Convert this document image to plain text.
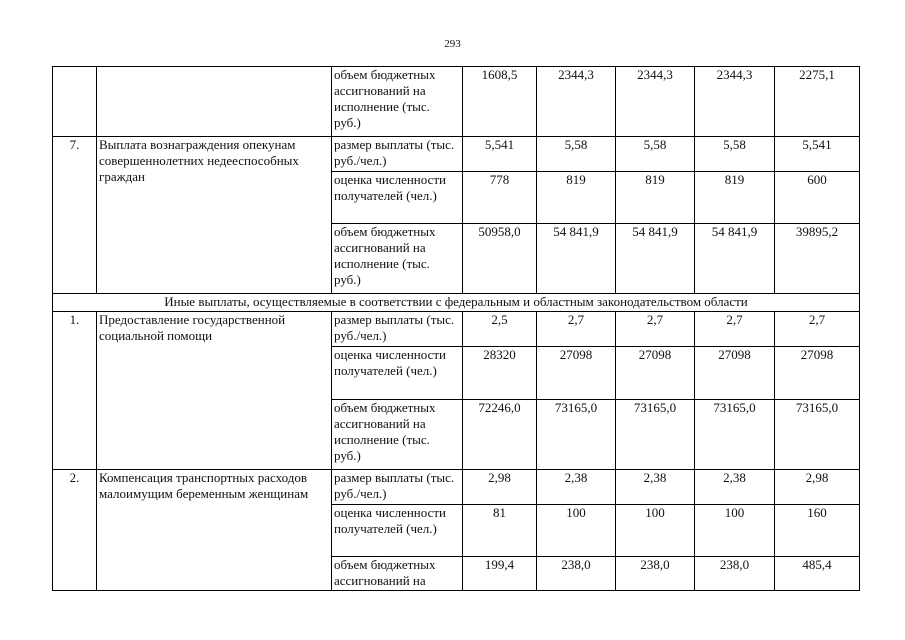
293
		объем бюджетных ассигнований на исполнение (тыс. руб.)	1608,5	2344,3	2344,3	2344,3	2275,1
7.	Выплата вознаграждения опекунам совершеннолетних недееспособных граждан	размер выплаты (тыс. руб./чел.)	5,541	5,58	5,58	5,58	5,541
		оценка численности получателей (чел.)	778	819	819	819	600
		объем бюджетных ассигнований на исполнение (тыс. руб.)	50958,0	54 841,9	54 841,9	54 841,9	39895,2
Иные выплаты, осуществляемые в соответствии с федеральным и областным законодательством области							
1.	Предоставление государственной социальной помощи	размер выплаты (тыс. руб./чел.)	2,5	2,7	2,7	2,7	2,7
		оценка численности получателей (чел.)	28320	27098	27098	27098	27098
		объем бюджетных ассигнований на исполнение (тыс. руб.)	72246,0	73165,0	73165,0	73165,0	73165,0
2.	Компенсация транспортных расходов малоимущим беременным женщинам	размер выплаты (тыс. руб./чел.)	2,98	2,38	2,38	2,38	2,98
		оценка численности получателей (чел.)	81	100	100	100	160
		объем бюджетных ассигнований на	199,4	238,0	238,0	238,0	485,4
